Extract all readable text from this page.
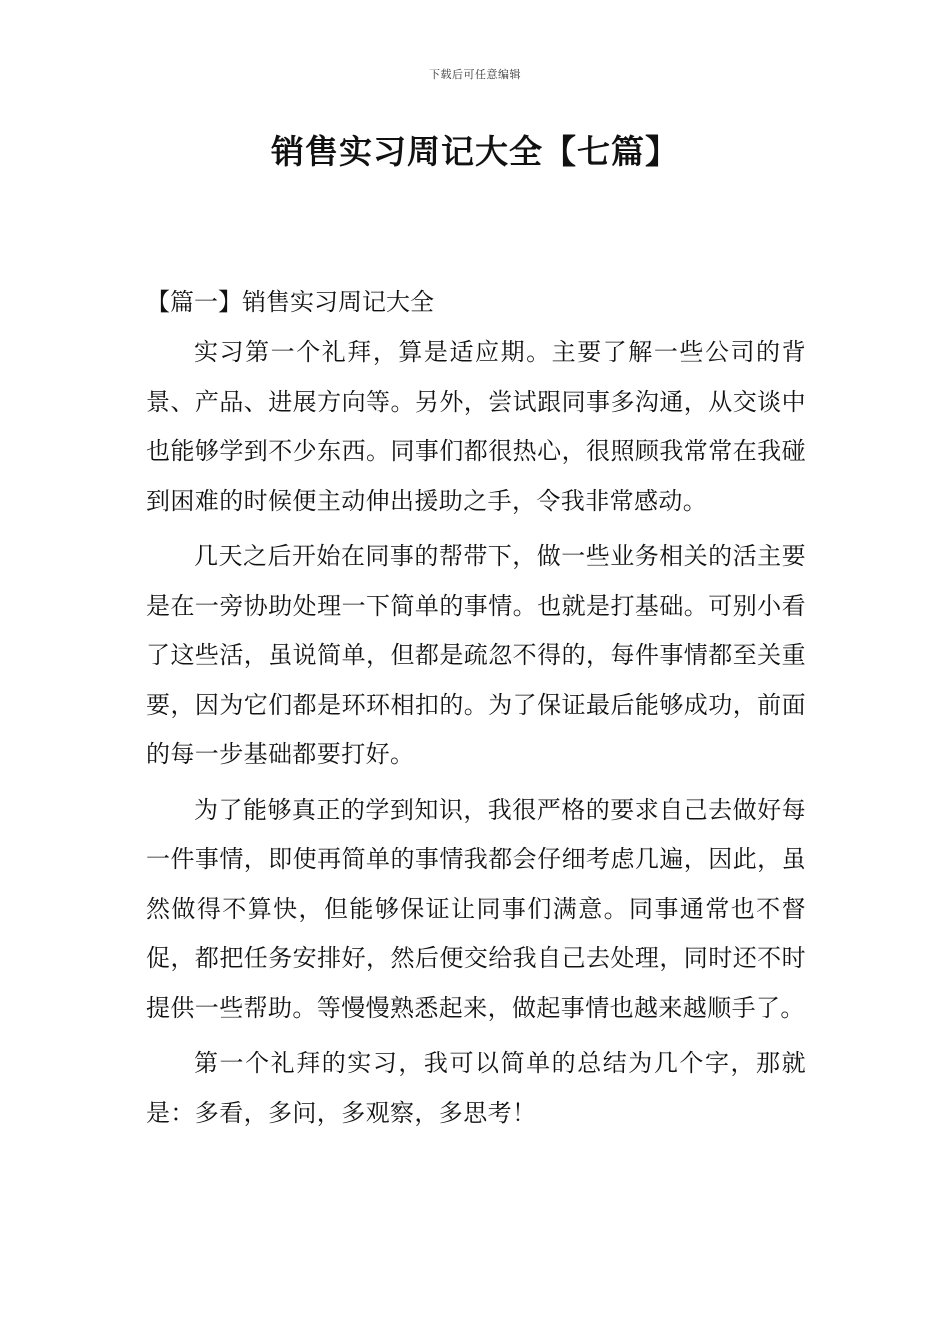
下载后可任意编辑
销售实习周记大全【七篇】
【篇一】销售实习周记大全

实习第一个礼拜，算是适应期。主要了解一些公司的背景、产品、进展方向等。另外，尝试跟同事多沟通，从交谈中也能够学到不少东西。同事们都很热心，很照顾我常常在我碰到困难的时候便主动伸出援助之手，令我非常感动。

几天之后开始在同事的帮带下，做一些业务相关的活主要是在一旁协助处理一下简单的事情。也就是打基础。可别小看了这些活，虽说简单，但都是疏忽不得的，每件事情都至关重要，因为它们都是环环相扣的。为了保证最后能够成功，前面的每一步基础都要打好。

为了能够真正的学到知识，我很严格的要求自己去做好每一件事情，即使再简单的事情我都会仔细考虑几遍，因此，虽然做得不算快，但能够保证让同事们满意。同事通常也不督促，都把任务安排好，然后便交给我自己去处理，同时还不时提供一些帮助。等慢慢熟悉起来，做起事情也越来越顺手了。

第一个礼拜的实习，我可以简单的总结为几个字，那就是：多看，多问，多观察，多思考！
